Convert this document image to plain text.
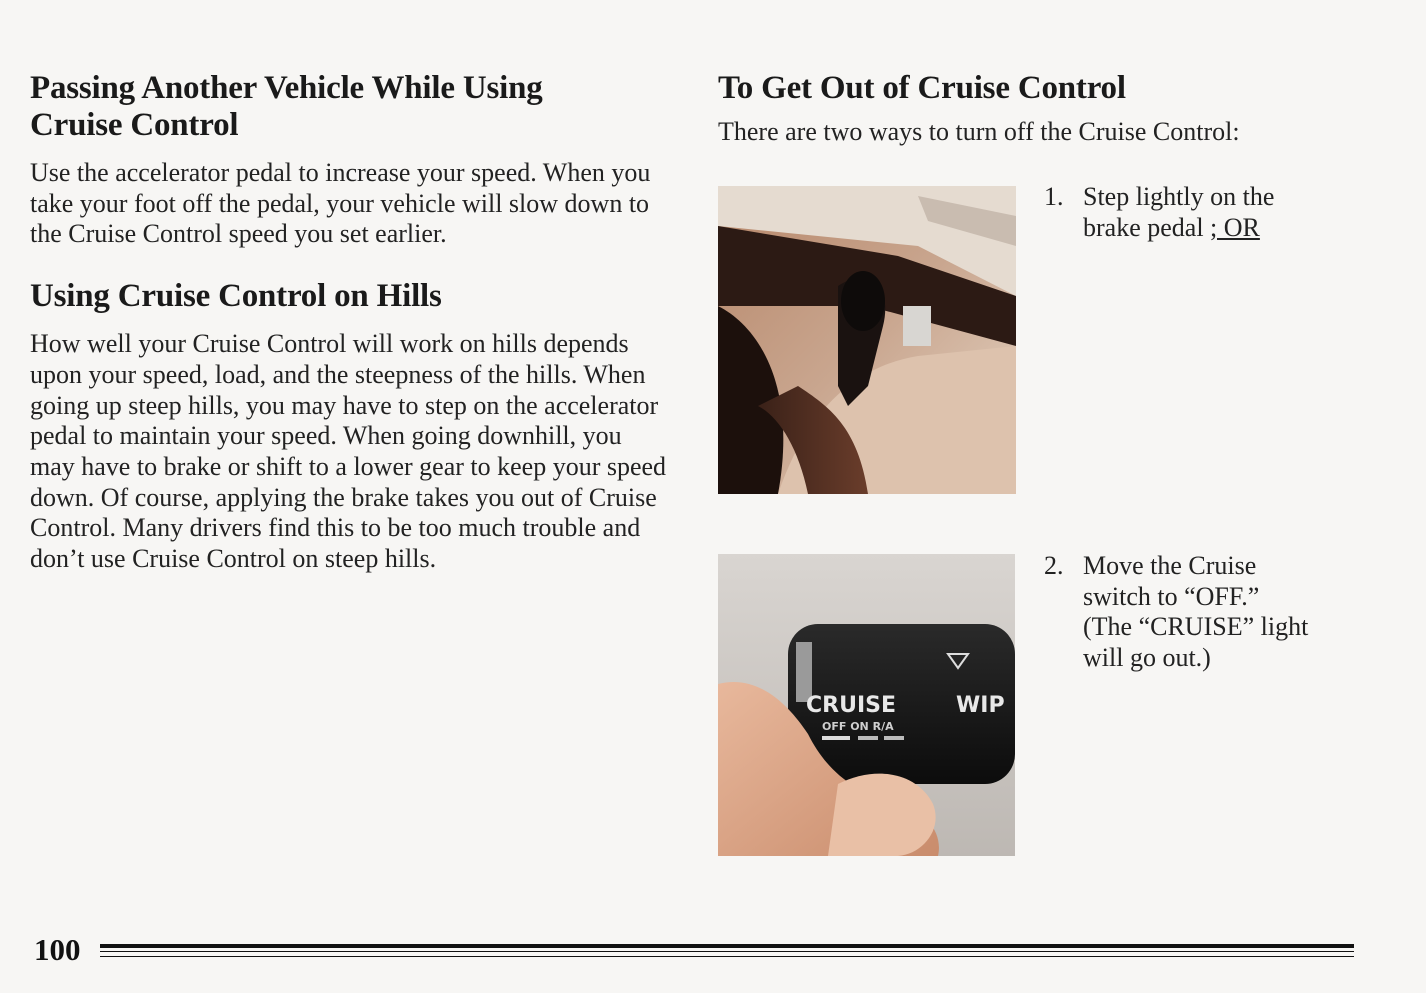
Passing Another Vehicle While Using Cruise Control

Use the accelerator pedal to increase your speed. When you take your foot off the pedal, your vehicle will slow down to the Cruise Control speed you set earlier.

Using Cruise Control on Hills

How well your Cruise Control will work on hills depends upon your speed, load, and the steepness of the hills. When going up steep hills, you may have to step on the accelerator pedal to maintain your speed. When going downhill, you may have to brake or shift to a lower gear to keep your speed down. Of course, applying the brake takes you out of Cruise Control. Many drivers find this to be too much trouble and don’t use Cruise Control on steep hills.

To Get Out of Cruise Control

There are two ways to turn off the Cruise Control:

1. Step lightly on the brake pedal ; OR
CRUISE	WIP
OFF ON R/A
2. Move the Cruise switch to “OFF.” (The “CRUISE” light will go out.)
100
